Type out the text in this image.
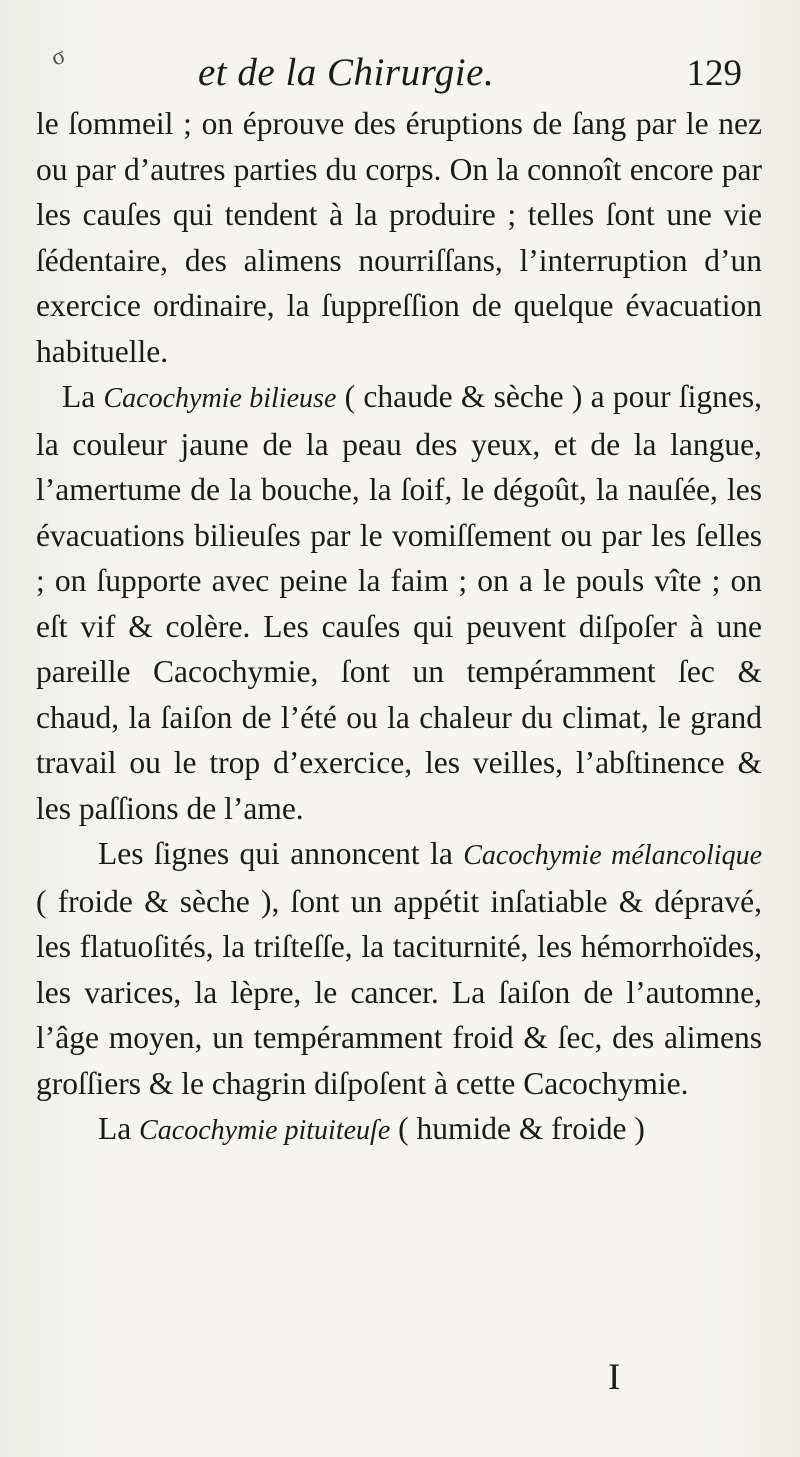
σ	et de la Chirurgie.	129

le ſommeil ; on éprouve des éruptions de ſang par le nez ou par d’autres parties du corps. On la connoît encore par les cauſes qui tendent à la produire ; telles ſont une vie ſédentaire, des alimens nourriſſans, l’interruption d’un exercice ordinaire, la ſuppreſſion de quelque évacuation habituelle.

La Cacochymie bilieuse ( chaude & sèche ) a pour ſignes, la couleur jaune de la peau des yeux, et de la langue, l’amertume de la bouche, la ſoif, le dégoût, la nauſée, les évacuations bilieuſes par le vomiſſement ou par les ſelles ; on ſupporte avec peine la faim ; on a le pouls vîte ; on eſt vif & colère. Les cauſes qui peuvent diſpoſer à une pareille Cacochymie, ſont un tempéramment ſec & chaud, la ſaiſon de l’été ou la chaleur du climat, le grand travail ou le trop d’exercice, les veilles, l’abſtinence & les paſſions de l’ame.

Les ſignes qui annoncent la Cacochymie mélancolique ( froide & sèche ), ſont un appétit inſatiable & dépravé, les flatuoſités, la triſteſſe, la taciturnité, les hémorrhoïdes, les varices, la lèpre, le cancer. La ſaiſon de l’automne, l’âge moyen, un tempéramment froid & ſec, des alimens groſſiers & le chagrin diſpoſent à cette Cacochymie.

La Cacochymie pituiteuſe ( humide & froide )

I
